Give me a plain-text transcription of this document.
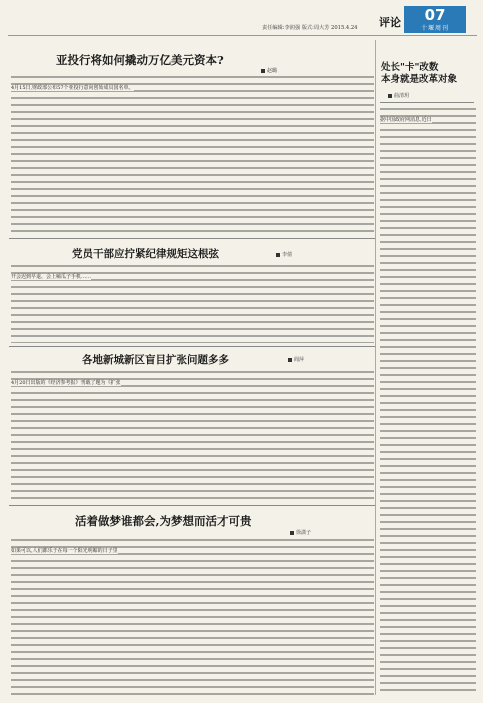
责任编辑:李润强 版式:周大芳 2015.4.24 评论	07
十堰周刊
亚投行将如何撬动万亿美元资本?
赵璐
4月15日,财政部公布57个亚投行意向创始成员国名单。
党员干部应拧紧纪律规矩这根弦	李倩
开会迟到早退、会上嗑瓜子手机……
各地新城新区盲目扩张问题多多	阎萍
4月20日出版的《经济参考报》刊载了题为《扩张
活着做梦谁都会,为梦想而活才可贵
徐潇子
如果可以,人们都乐于在每一个阳光明媚的日子里
处长"卡"改数
本身就是改革对象
曲清玥
据中国政府网消息,近日
